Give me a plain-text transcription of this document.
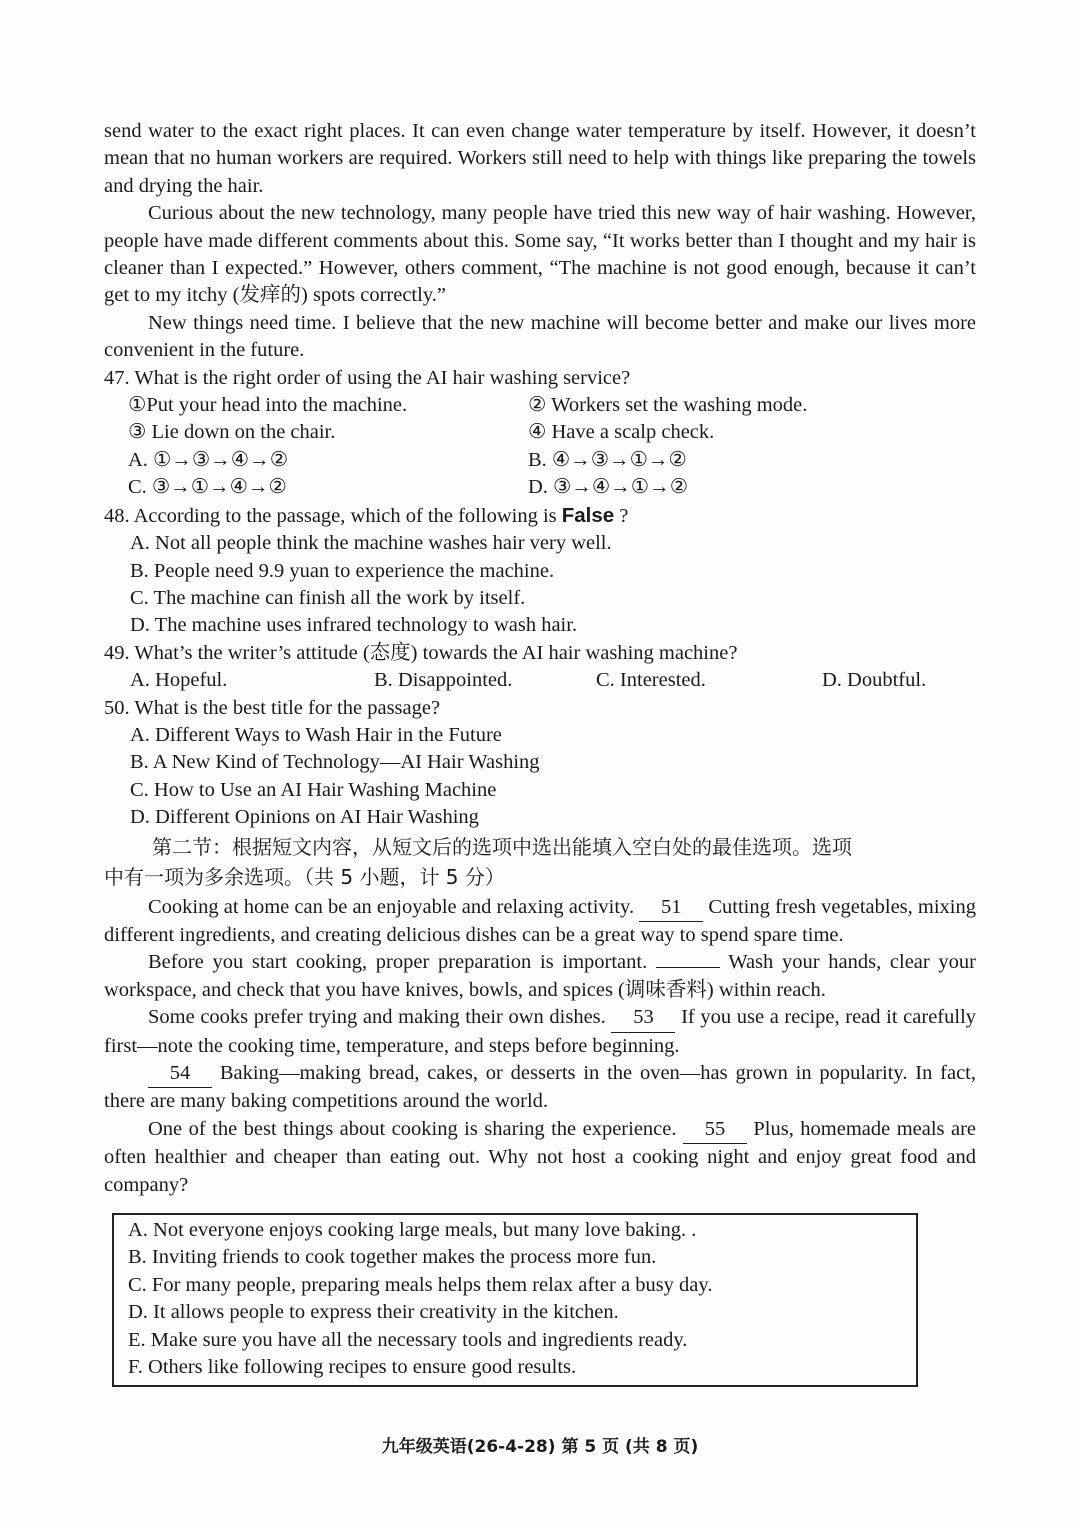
send water to the exact right places. It can even change water temperature by itself. However, it doesn’t mean that no human workers are required. Workers still need to help with things like preparing the towels and drying the hair.

Curious about the new technology, many people have tried this new way of hair washing. However, people have made different comments about this. Some say, “It works better than I thought and my hair is cleaner than I expected.” However, others comment, “The machine is not good enough, because it can’t get to my itchy (发痒的) spots correctly.”

New things need time. I believe that the new machine will become better and make our lives more convenient in the future.

47. What is the right order of using the AI hair washing service?
①Put your head into the machine.	② Workers set the washing mode.
③ Lie down on the chair.	④ Have a scalp check.
A. ①→③→④→②	B. ④→③→①→②
C. ③→①→④→②	D. ③→④→①→②
48. According to the passage, which of the following is False ?
A. Not all people think the machine washes hair very well.
B. People need 9.9 yuan to experience the machine.
C. The machine can finish all the work by itself.
D. The machine uses infrared technology to wash hair.
49. What’s the writer’s attitude (态度) towards the AI hair washing machine?
A. Hopeful.	B. Disappointed.	C. Interested.	D. Doubtful.
50. What is the best title for the passage?
A. Different Ways to Wash Hair in the Future
B. A New Kind of Technology—AI Hair Washing
C. How to Use an AI Hair Washing Machine
D. Different Opinions on AI Hair Washing
第二节：根据短文内容，从短文后的选项中选出能填入空白处的最佳选项。选项
中有一项为多余选项。（共 5 小题，计 5 分）

Cooking at home can be an enjoyable and relaxing activity. 51 Cutting fresh vegetables, mixing different ingredients, and creating delicious dishes can be a great way to spend spare time.

Before you start cooking, proper preparation is important.	Wash your hands, clear your workspace, and check that you have knives, bowls, and spices (调味香料) within reach.

Some cooks prefer trying and making their own dishes. 53 If you use a recipe, read it carefully first—note the cooking time, temperature, and steps before beginning.

54 Baking—making bread, cakes, or desserts in the oven—has grown in popularity. In fact, there are many baking competitions around the world.

One of the best things about cooking is sharing the experience. 55 Plus, homemade meals are often healthier and cheaper than eating out. Why not host a cooking night and enjoy great food and company?

A. Not everyone enjoys cooking large meals, but many love baking. .
B. Inviting friends to cook together makes the process more fun.
C. For many people, preparing meals helps them relax after a busy day.
D. It allows people to express their creativity in the kitchen.
E. Make sure you have all the necessary tools and ingredients ready.
F. Others like following recipes to ensure good results.
九年级英语(26-4-28) 第 5 页 (共 8 页)
